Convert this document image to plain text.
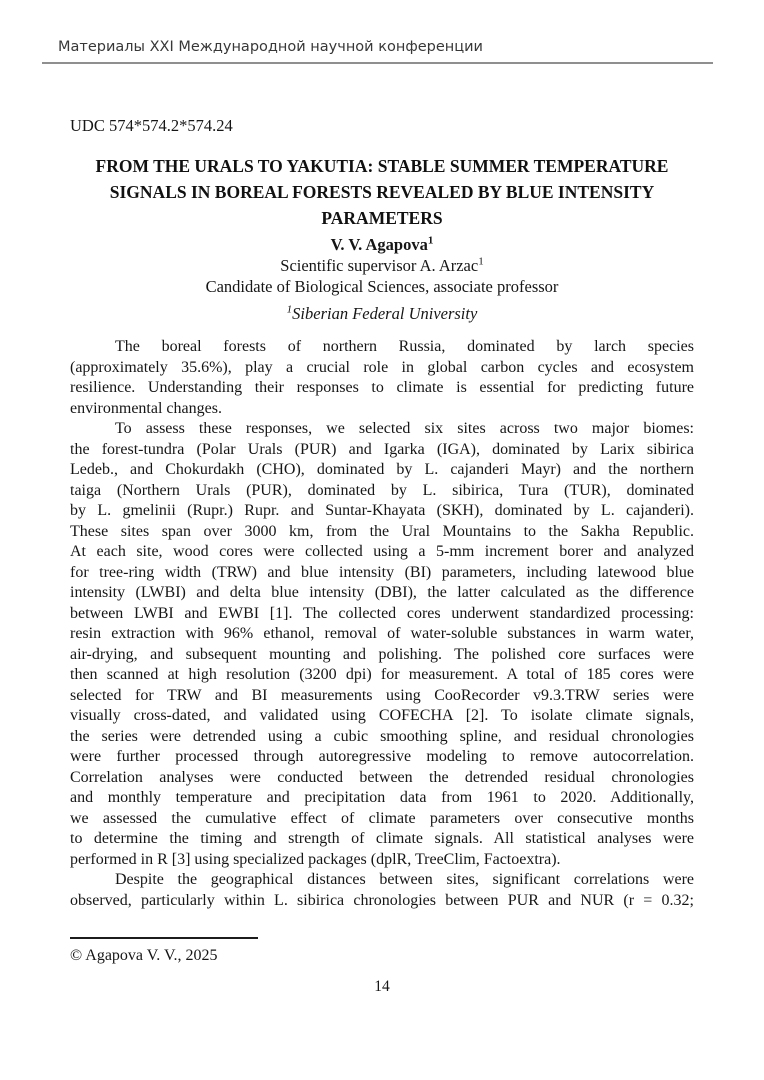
Материалы XXI Международной научной конференции
UDC 574*574.2*574.24
FROM THE URALS TO YAKUTIA: STABLE SUMMER TEMPERATURE
SIGNALS IN BOREAL FORESTS REVEALED BY BLUE INTENSITY
PARAMETERS
V. V. Agapova$^1$
Scientific supervisor A. Arzac$^1$
Candidate of Biological Sciences, associate professor
$^1$Siberian Federal University
The boreal forests of northern Russia, dominated by larch species
(approximately 35.6%), play a crucial role in global carbon cycles and ecosystem
resilience. Understanding their responses to climate is essential for predicting future
environmental changes.
To assess these responses, we selected six sites across two major biomes:
the forest-tundra (Polar Urals (PUR) and Igarka (IGA), dominated by Larix sibirica
Ledeb., and Chokurdakh (CHO), dominated by L. cajanderi Mayr) and the northern
taiga (Northern Urals (PUR), dominated by L. sibirica, Tura (TUR), dominated
by L. gmelinii (Rupr.) Rupr. and Suntar-Khayata (SKH), dominated by L. cajanderi).
These sites span over 3000 km, from the Ural Mountains to the Sakha Republic.
At each site, wood cores were collected using a 5-mm increment borer and analyzed
for tree-ring width (TRW) and blue intensity (BI) parameters, including latewood blue
intensity (LWBI) and delta blue intensity (DBI), the latter calculated as the difference
between LWBI and EWBI [1]. The collected cores underwent standardized processing:
resin extraction with 96% ethanol, removal of water-soluble substances in warm water,
air-drying, and subsequent mounting and polishing. The polished core surfaces were
then scanned at high resolution (3200 dpi) for measurement. A total of 185 cores were
selected for TRW and BI measurements using CooRecorder v9.3.TRW series were
visually cross-dated, and validated using COFECHA [2]. To isolate climate signals,
the series were detrended using a cubic smoothing spline, and residual chronologies
were further processed through autoregressive modeling to remove autocorrelation.
Correlation analyses were conducted between the detrended residual chronologies
and monthly temperature and precipitation data from 1961 to 2020. Additionally,
we assessed the cumulative effect of climate parameters over consecutive months
to determine the timing and strength of climate signals. All statistical analyses were
performed in R [3] using specialized packages (dplR, TreeClim, Factoextra).
Despite the geographical distances between sites, significant correlations were
observed, particularly within L. sibirica chronologies between PUR and NUR (r = 0.32;
© Agapova V. V., 2025
14
